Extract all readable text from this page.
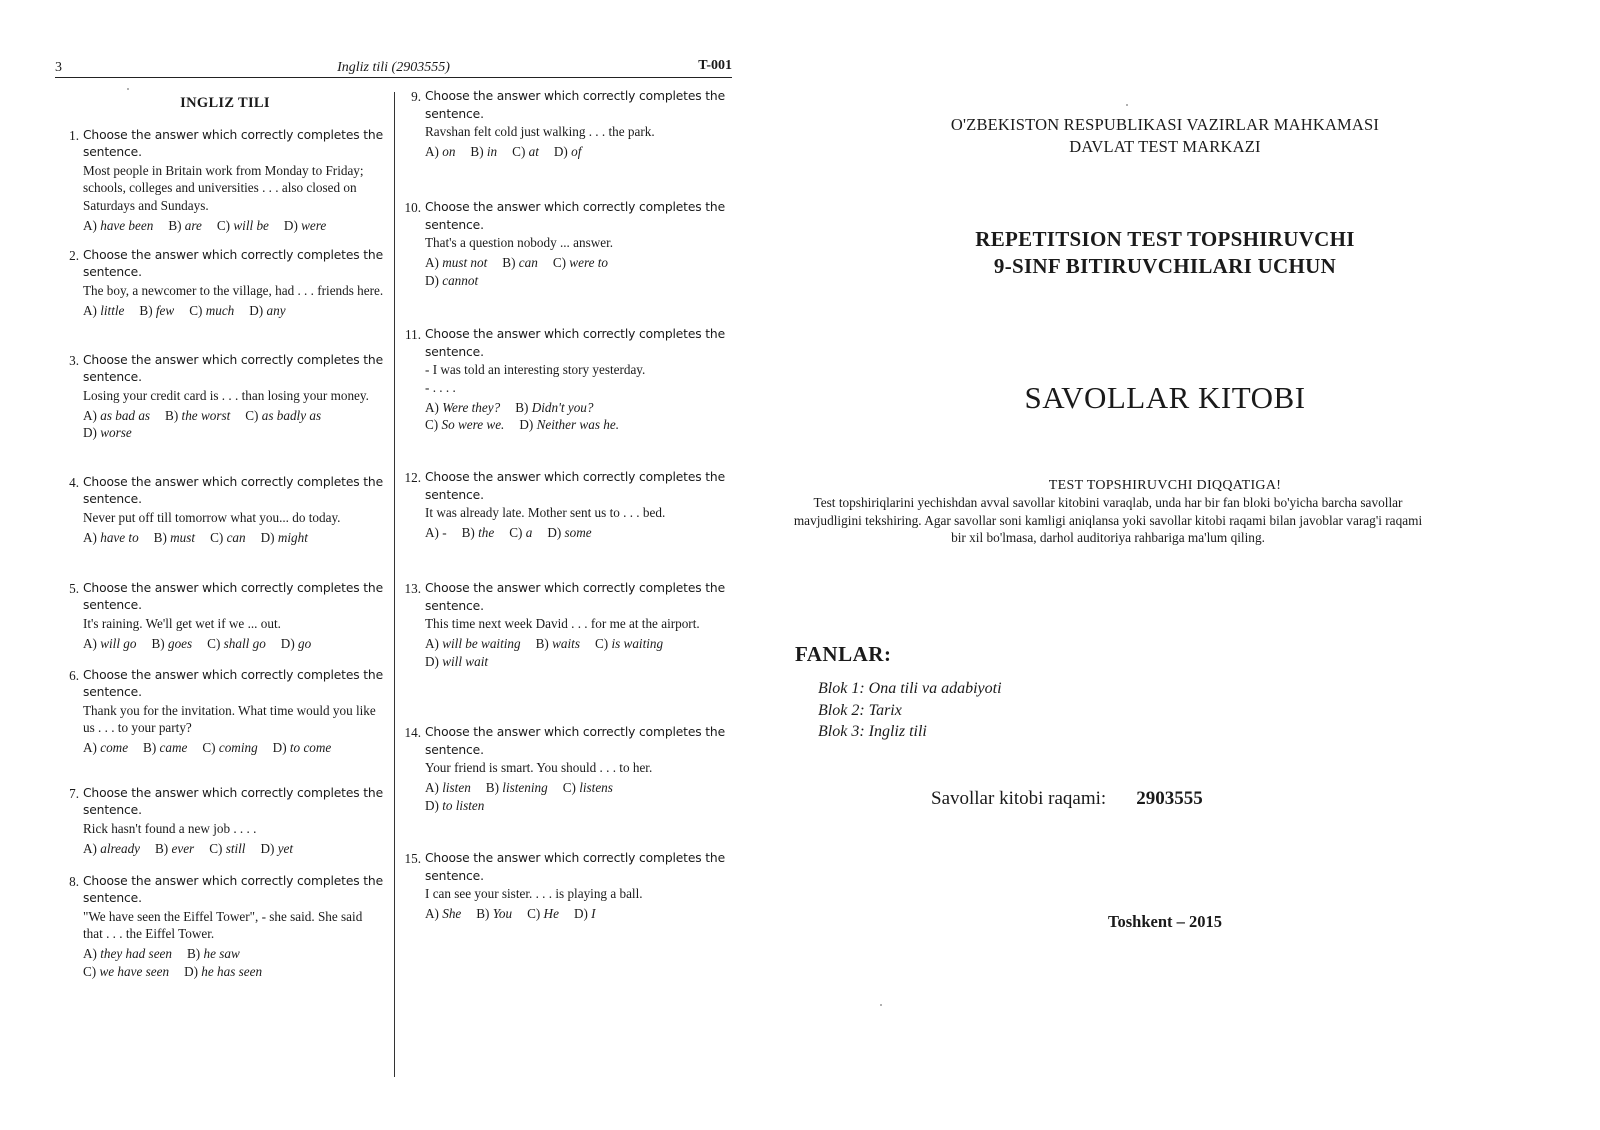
3	Ingliz tili (2903555)	T-001
INGLIZ TILI
1. Choose the answer which correctly completes the sentence.
Most people in Britain work from Monday to Friday; schools, colleges and universities . . . also closed on Saturdays and Sundays.
A) have been B) are C) will be D) were
2. Choose the answer which correctly completes the sentence.
The boy, a newcomer to the village, had . . . friends here.
A) little B) few C) much D) any
3. Choose the answer which correctly completes the sentence.
Losing your credit card is . . . than losing your money.
A) as bad as B) the worst C) as badly as
D) worse
4. Choose the answer which correctly completes the sentence.
Never put off till tomorrow what you... do today.
A) have to B) must C) can D) might
5. Choose the answer which correctly completes the sentence.
It's raining. We'll get wet if we ... out.
A) will go B) goes C) shall go D) go
6. Choose the answer which correctly completes the sentence.
Thank you for the invitation. What time would you like us . . . to your party?
A) come B) came C) coming D) to come
7. Choose the answer which correctly completes the sentence.
Rick hasn't found a new job . . . .
A) already B) ever C) still D) yet
8. Choose the answer which correctly completes the sentence.
"We have seen the Eiffel Tower", - she said. She said that . . . the Eiffel Tower.
A) they had seen B) he saw
C) we have seen D) he has seen
9. Choose the answer which correctly completes the sentence.
Ravshan felt cold just walking . . . the park.
A) on B) in C) at D) of
10. Choose the answer which correctly completes the sentence.
That's a question nobody ... answer.
A) must not B) can C) were to
D) cannot
11. Choose the answer which correctly completes the sentence.
- I was told an interesting story yesterday.
- . . . .
A) Were they? B) Didn't you?
C) So were we. D) Neither was he.
12. Choose the answer which correctly completes the sentence.
It was already late. Mother sent us to . . . bed.
A) - B) the C) a D) some
13. Choose the answer which correctly completes the sentence.
This time next week David . . . for me at the airport.
A) will be waiting B) waits C) is waiting
D) will wait
14. Choose the answer which correctly completes the sentence.
Your friend is smart. You should . . . to her.
A) listen B) listening C) listens
D) to listen
15. Choose the answer which correctly completes the sentence.
I can see your sister. . . . is playing a ball.
A) She B) You C) He D) I
O'ZBEKISTON RESPUBLIKASI VAZIRLAR MAHKAMASI
DAVLAT TEST MARKAZI
REPETITSION TEST TOPSHIRUVCHI
9-SINF BITIRUVCHILARI UCHUN
SAVOLLAR KITOBI
TEST TOPSHIRUVCHI DIQQATIGA!
Test topshiriqlarini yechishdan avval savollar kitobini varaqlab, unda har bir fan bloki bo'yicha barcha savollar mavjudligini tekshiring. Agar savollar soni kamligi aniqlansa yoki savollar kitobi raqami bilan javoblar varag'i raqami bir xil bo'lmasa, darhol auditoriya rahbariga ma'lum qiling.
FANLAR:
Blok 1: Ona tili va adabiyoti
Blok 2: Tarix
Blok 3: Ingliz tili
Savollar kitobi raqami: 2903555
Toshkent – 2015
